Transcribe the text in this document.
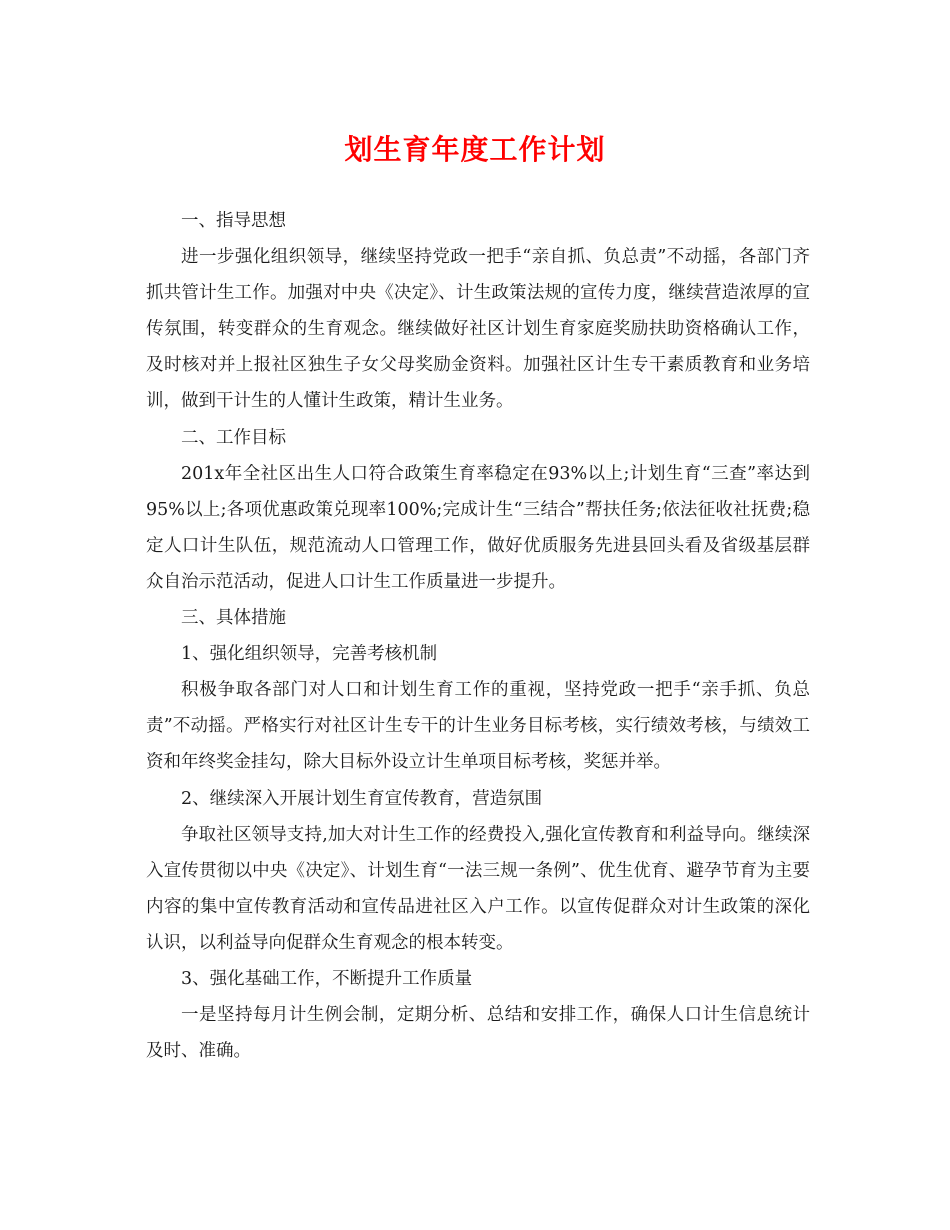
划生育年度工作计划

一、指导思想

进一步强化组织领导，继续坚持党政一把手“亲自抓、负总责”不动摇，各部门齐抓共管计生工作。加强对中央《决定》、计生政策法规的宣传力度，继续营造浓厚的宣传氛围，转变群众的生育观念。继续做好社区计划生育家庭奖励扶助资格确认工作，及时核对并上报社区独生子女父母奖励金资料。加强社区计生专干素质教育和业务培训，做到干计生的人懂计生政策，精计生业务。

二、工作目标

201x年全社区出生人口符合政策生育率稳定在93%以上;计划生育“三查”率达到95%以上;各项优惠政策兑现率100%;完成计生“三结合”帮扶任务;依法征收社抚费;稳定人口计生队伍，规范流动人口管理工作，做好优质服务先进县回头看及省级基层群众自治示范活动，促进人口计生工作质量进一步提升。

三、具体措施

1、强化组织领导，完善考核机制

积极争取各部门对人口和计划生育工作的重视，坚持党政一把手“亲手抓、负总责”不动摇。严格实行对社区计生专干的计生业务目标考核，实行绩效考核，与绩效工资和年终奖金挂勾，除大目标外设立计生单项目标考核，奖惩并举。

2、继续深入开展计划生育宣传教育，营造氛围

争取社区领导支持,加大对计生工作的经费投入,强化宣传教育和利益导向。继续深入宣传贯彻以中央《决定》、计划生育“一法三规一条例”、优生优育、避孕节育为主要内容的集中宣传教育活动和宣传品进社区入户工作。以宣传促群众对计生政策的深化认识，以利益导向促群众生育观念的根本转变。

3、强化基础工作，不断提升工作质量

一是坚持每月计生例会制，定期分析、总结和安排工作，确保人口计生信息统计及时、准确。
